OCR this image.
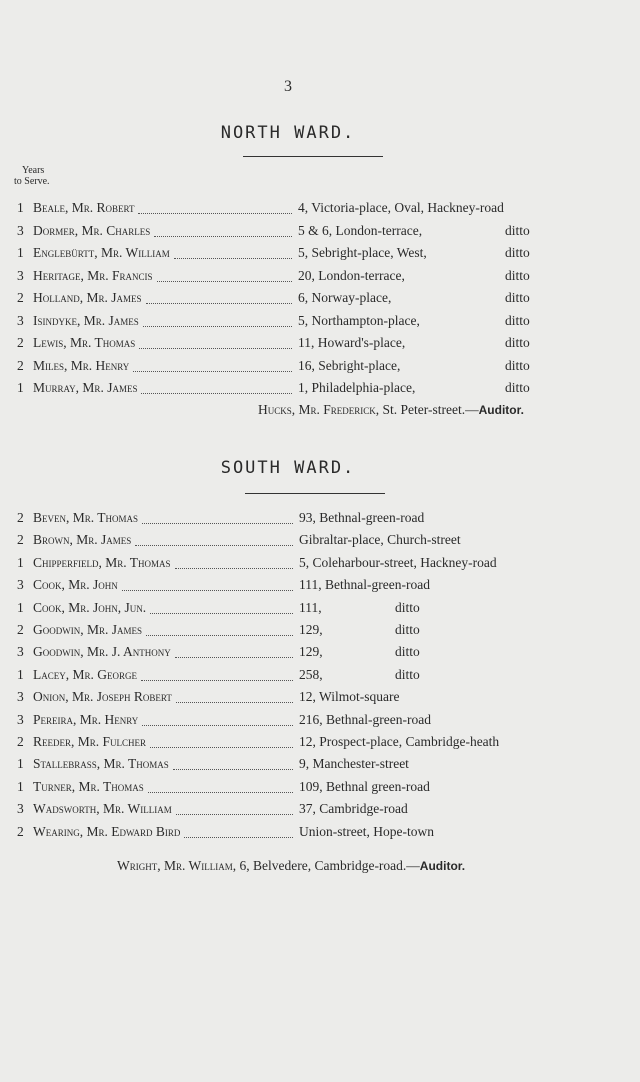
3
NORTH WARD.
Years
to Serve.
1 Beale, Mr. Robert	4, Victoria-place, Oval, Hackney-road
3 Dormer, Mr. Charles	5 & 6, London-terrace,	ditto
1 Englebürtt, Mr. William	5, Sebright-place, West,	ditto
3 Heritage, Mr. Francis	20, London-terrace,	ditto
2 Holland, Mr. James	6, Norway-place,	ditto
3 Isindyke, Mr. James	5, Northampton-place,	ditto
2 Lewis, Mr. Thomas	11, Howard's-place,	ditto
2 Miles, Mr. Henry	16, Sebright-place,	ditto
1 Murray, Mr. James	1, Philadelphia-place,	ditto
Hucks, Mr. Frederick, St. Peter-street.—Auditor.
SOUTH WARD.
2 Beven, Mr. Thomas	93, Bethnal-green-road
2 Brown, Mr. James	Gibraltar-place, Church-street
1 Chipperfield, Mr. Thomas	5, Coleharbour-street, Hackney-road
3 Cook, Mr. John	111, Bethnal-green-road
1 Cook, Mr. John, Jun.	111,	ditto
2 Goodwin, Mr. James	129,	ditto
3 Goodwin, Mr. J. Anthony	129,	ditto
1 Lacey, Mr. George	258,	ditto
3 Onion, Mr. Joseph Robert	12, Wilmot-square
3 Pereira, Mr. Henry	216, Bethnal-green-road
2 Reeder, Mr. Fulcher	12, Prospect-place, Cambridge-heath
1 Stallebrass, Mr. Thomas	9, Manchester-street
1 Turner, Mr. Thomas	109, Bethnal green-road
3 Wadsworth, Mr. William	37, Cambridge-road
2 Wearing, Mr. Edward Bird	Union-street, Hope-town
Wright, Mr. William, 6, Belvedere, Cambridge-road.—Auditor.
